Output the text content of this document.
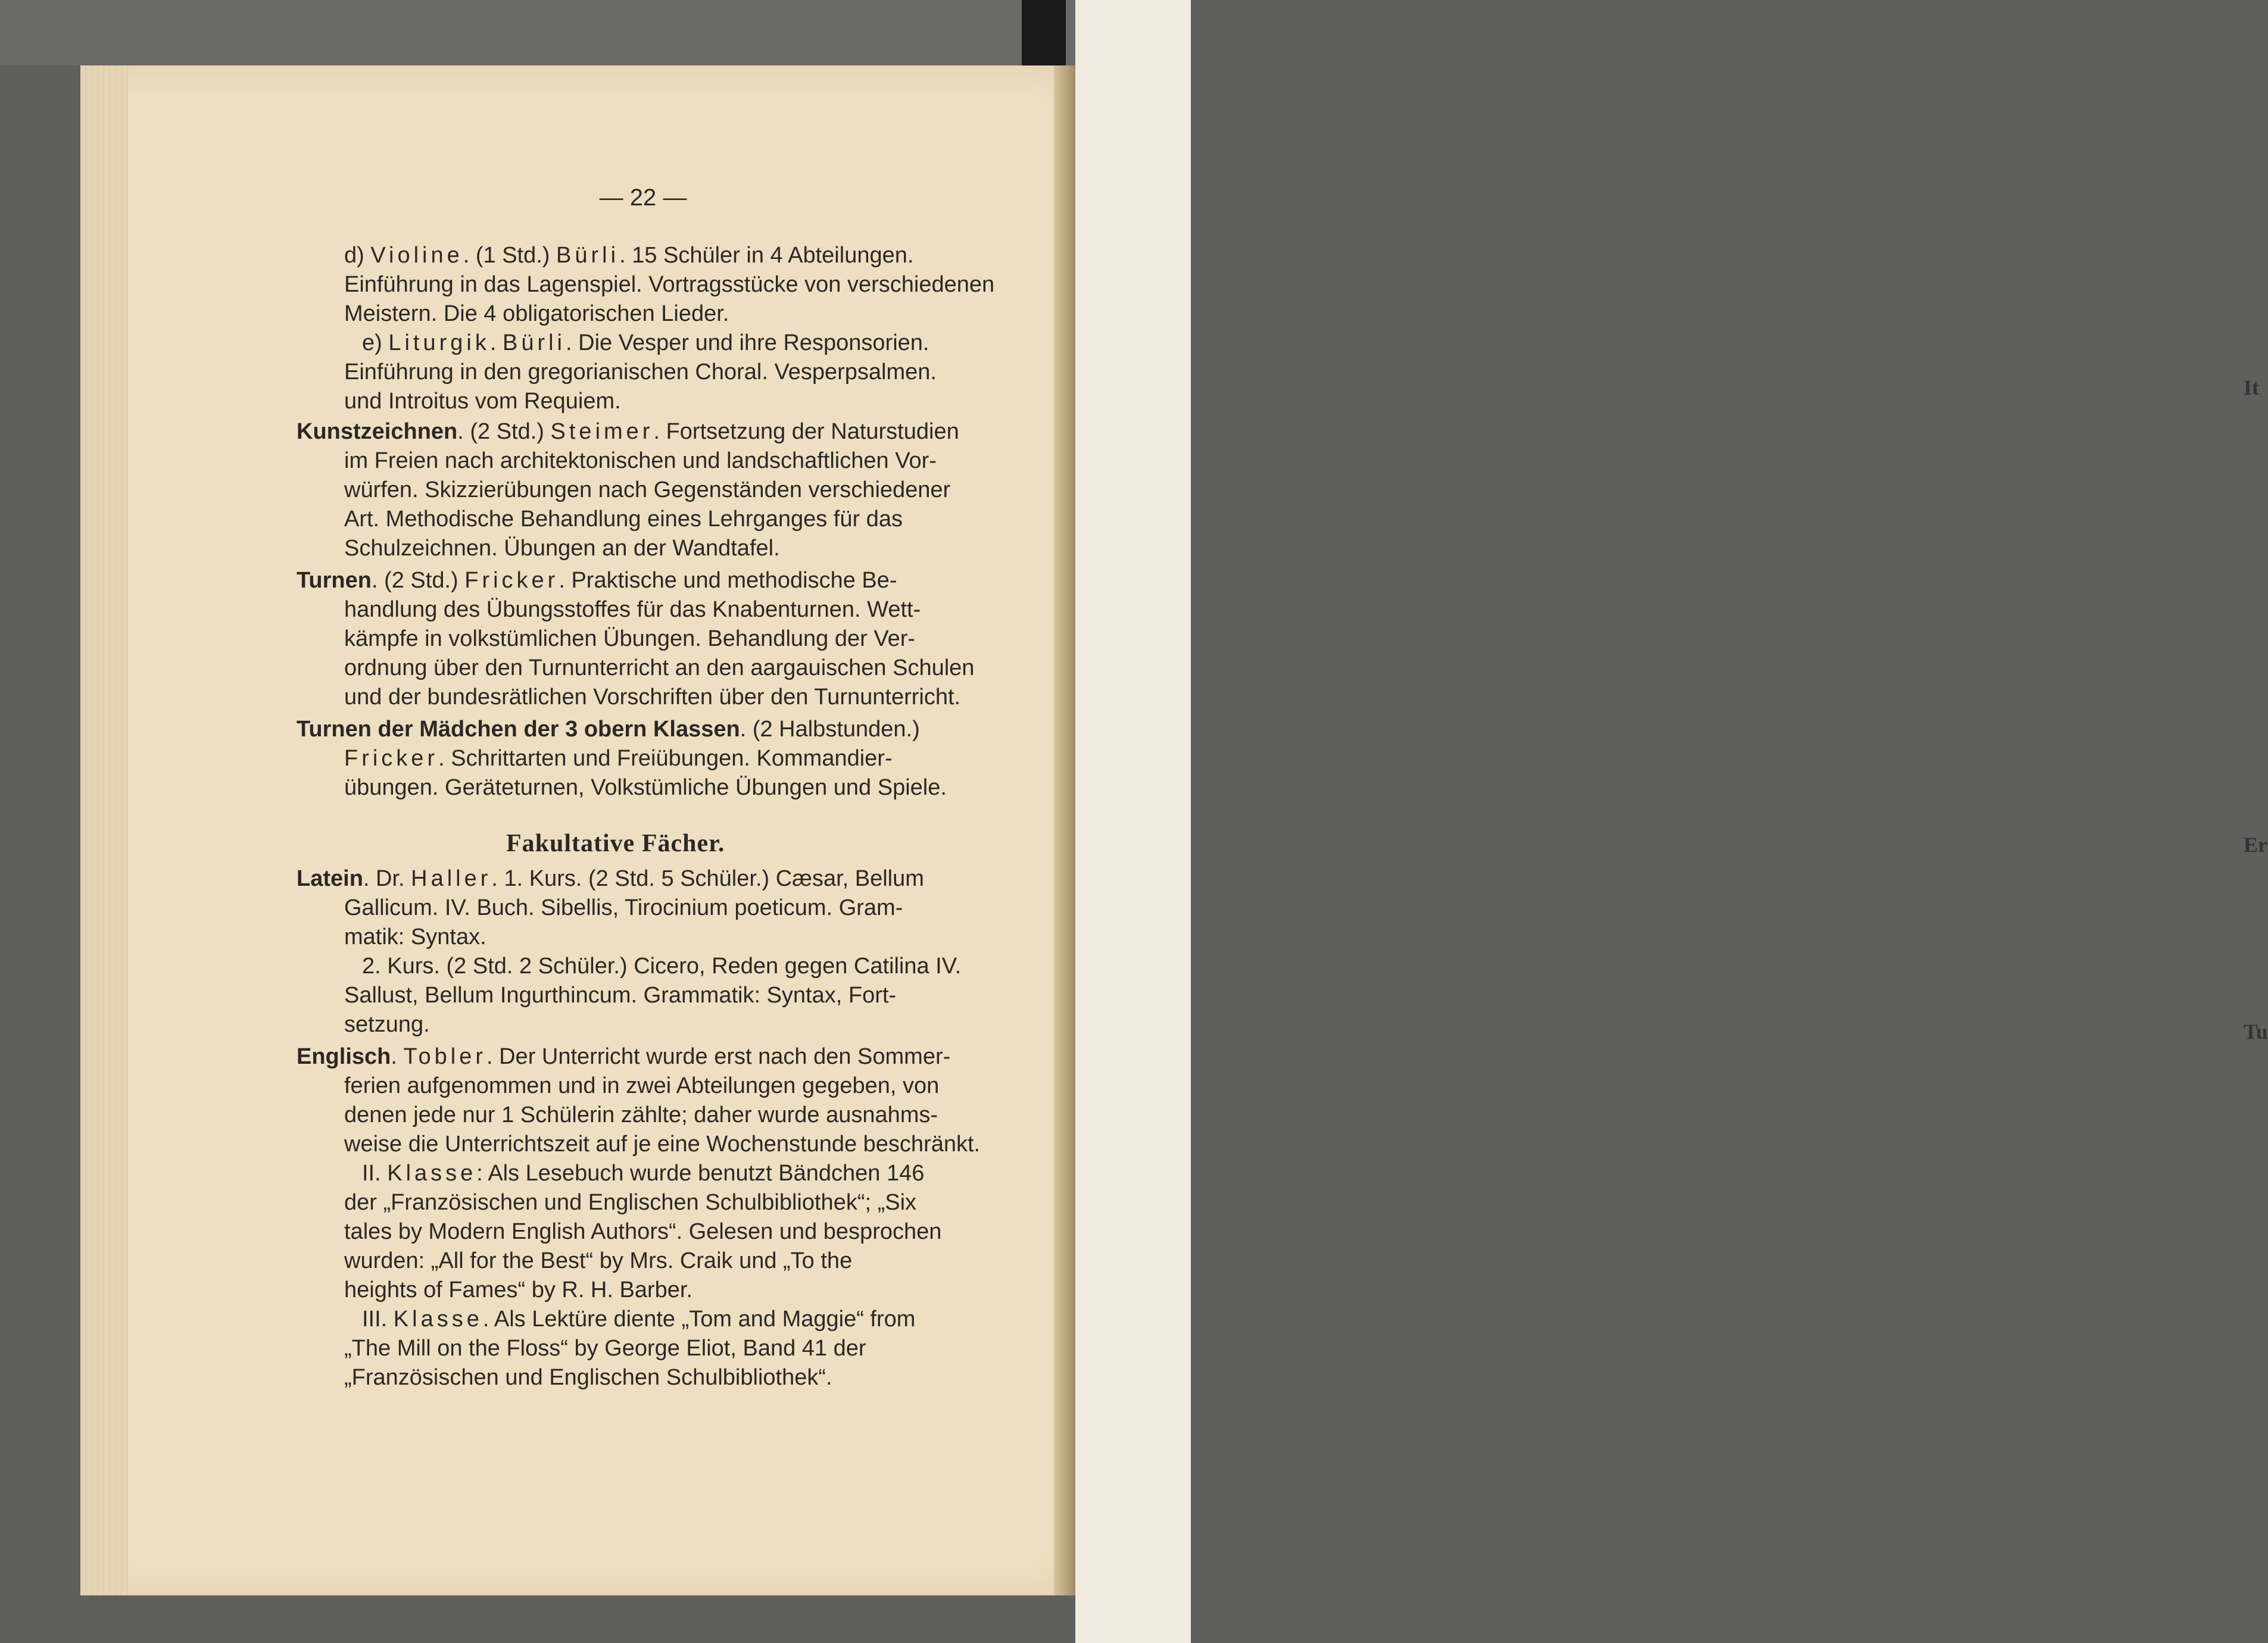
It
Er
Tu
— 22 —
d) Violine. (1 Std.) Bürli. 15 Schüler in 4 Abteilungen.
Einführung in das Lagenspiel. Vortragsstücke von verschiedenen
Meistern. Die 4 obligatorischen Lieder.
e) Liturgik. Bürli. Die Vesper und ihre Responsorien.
Einführung in den gregorianischen Choral. Vesperpsalmen.
und Introitus vom Requiem.
Kunstzeichnen. (2 Std.) Steimer. Fortsetzung der Naturstudien
im Freien nach architektonischen und landschaftlichen Vor-
würfen. Skizzierübungen nach Gegenständen verschiedener
Art. Methodische Behandlung eines Lehrganges für das
Schulzeichnen. Übungen an der Wandtafel.
Turnen. (2 Std.) Fricker. Praktische und methodische Be-
handlung des Übungsstoffes für das Knabenturnen. Wett-
kämpfe in volkstümlichen Übungen. Behandlung der Ver-
ordnung über den Turnunterricht an den aargauischen Schulen
und der bundesrätlichen Vorschriften über den Turnunterricht.
Turnen der Mädchen der 3 obern Klassen. (2 Halbstunden.)
Fricker. Schrittarten und Freiübungen. Kommandier-
übungen. Geräteturnen, Volkstümliche Übungen und Spiele.
Fakultative Fächer.
Latein. Dr. Haller. 1. Kurs. (2 Std. 5 Schüler.) Cæsar, Bellum
Gallicum. IV. Buch. Sibellis, Tirocinium poeticum. Gram-
matik: Syntax.
2. Kurs. (2 Std. 2 Schüler.) Cicero, Reden gegen Catilina IV.
Sallust, Bellum Ingurthincum. Grammatik: Syntax, Fort-
setzung.
Englisch. Tobler. Der Unterricht wurde erst nach den Sommer-
ferien aufgenommen und in zwei Abteilungen gegeben, von
denen jede nur 1 Schülerin zählte; daher wurde ausnahms-
weise die Unterrichtszeit auf je eine Wochenstunde beschränkt.
II. Klasse: Als Lesebuch wurde benutzt Bändchen 146
der „Französischen und Englischen Schulbibliothek“; „Six
tales by Modern English Authors“. Gelesen und besprochen
wurden: „All for the Best“ by Mrs. Craik und „To the
heights of Fames“ by R. H. Barber.
III. Klasse. Als Lektüre diente „Tom and Maggie“ from
„The Mill on the Floss“ by George Eliot, Band 41 der
„Französischen und Englischen Schulbibliothek“.
